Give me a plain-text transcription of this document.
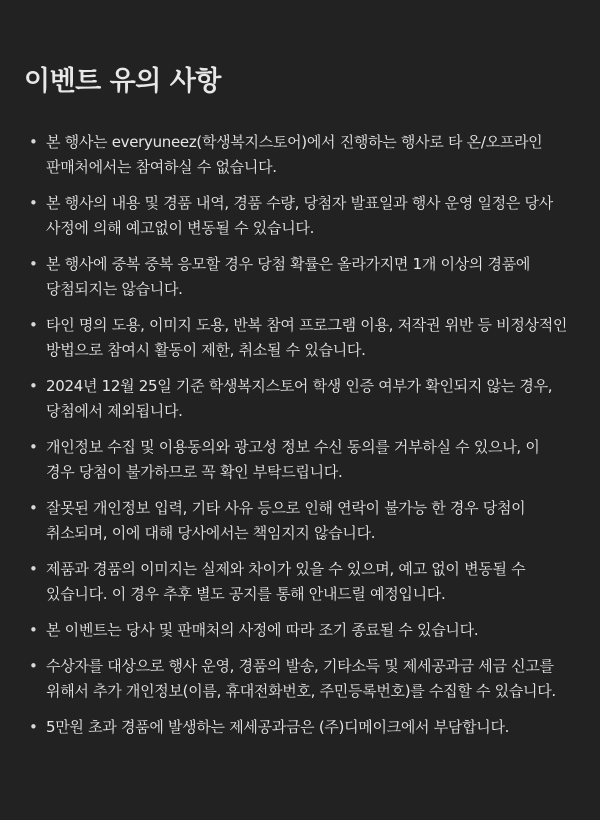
이벤트 유의 사항
• 본 행사는 everyuneez(학생복지스토어)에서 진행하는 행사로 타 온/오프라인 판매처에서는 참여하실 수 없습니다.
• 본 행사의 내용 및 경품 내역, 경품 수량, 당첨자 발표일과 행사 운영 일정은 당사 사정에 의해 예고없이 변동될 수 있습니다.
• 본 행사에 중복 중복 응모할 경우 당첨 확률은 올라가지면 1개 이상의 경품에 당첨되지는 않습니다.
• 타인 명의 도용, 이미지 도용, 반복 참여 프로그램 이용, 저작권 위반 등 비정상적인 방법으로 참여시 활동이 제한, 취소될 수 있습니다.
• 2024년 12월 25일 기준 학생복지스토어 학생 인증 여부가 확인되지 않는 경우, 당첨에서 제외됩니다.
• 개인정보 수집 및 이용동의와 광고성 정보 수신 동의를 거부하실 수 있으나, 이 경우 당첨이 불가하므로 꼭 확인 부탁드립니다.
• 잘못된 개인정보 입력, 기타 사유 등으로 인해 연락이 불가능 한 경우 당첨이 취소되며, 이에 대해 당사에서는 책임지지 않습니다.
• 제품과 경품의 이미지는 실제와 차이가 있을 수 있으며, 예고 없이 변동될 수 있습니다. 이 경우 추후 별도 공지를 통해 안내드릴 예정입니다.
• 본 이벤트는 당사 및 판매처의 사정에 따라 조기 종료될 수 있습니다.
• 수상자를 대상으로 행사 운영, 경품의 발송, 기타소득 및 제세공과금 세금 신고를 위해서 추가 개인정보(이름, 휴대전화번호, 주민등록번호)를 수집할 수 있습니다.
• 5만원 초과 경품에 발생하는 제세공과금은 (주)디메이크에서 부담합니다.
